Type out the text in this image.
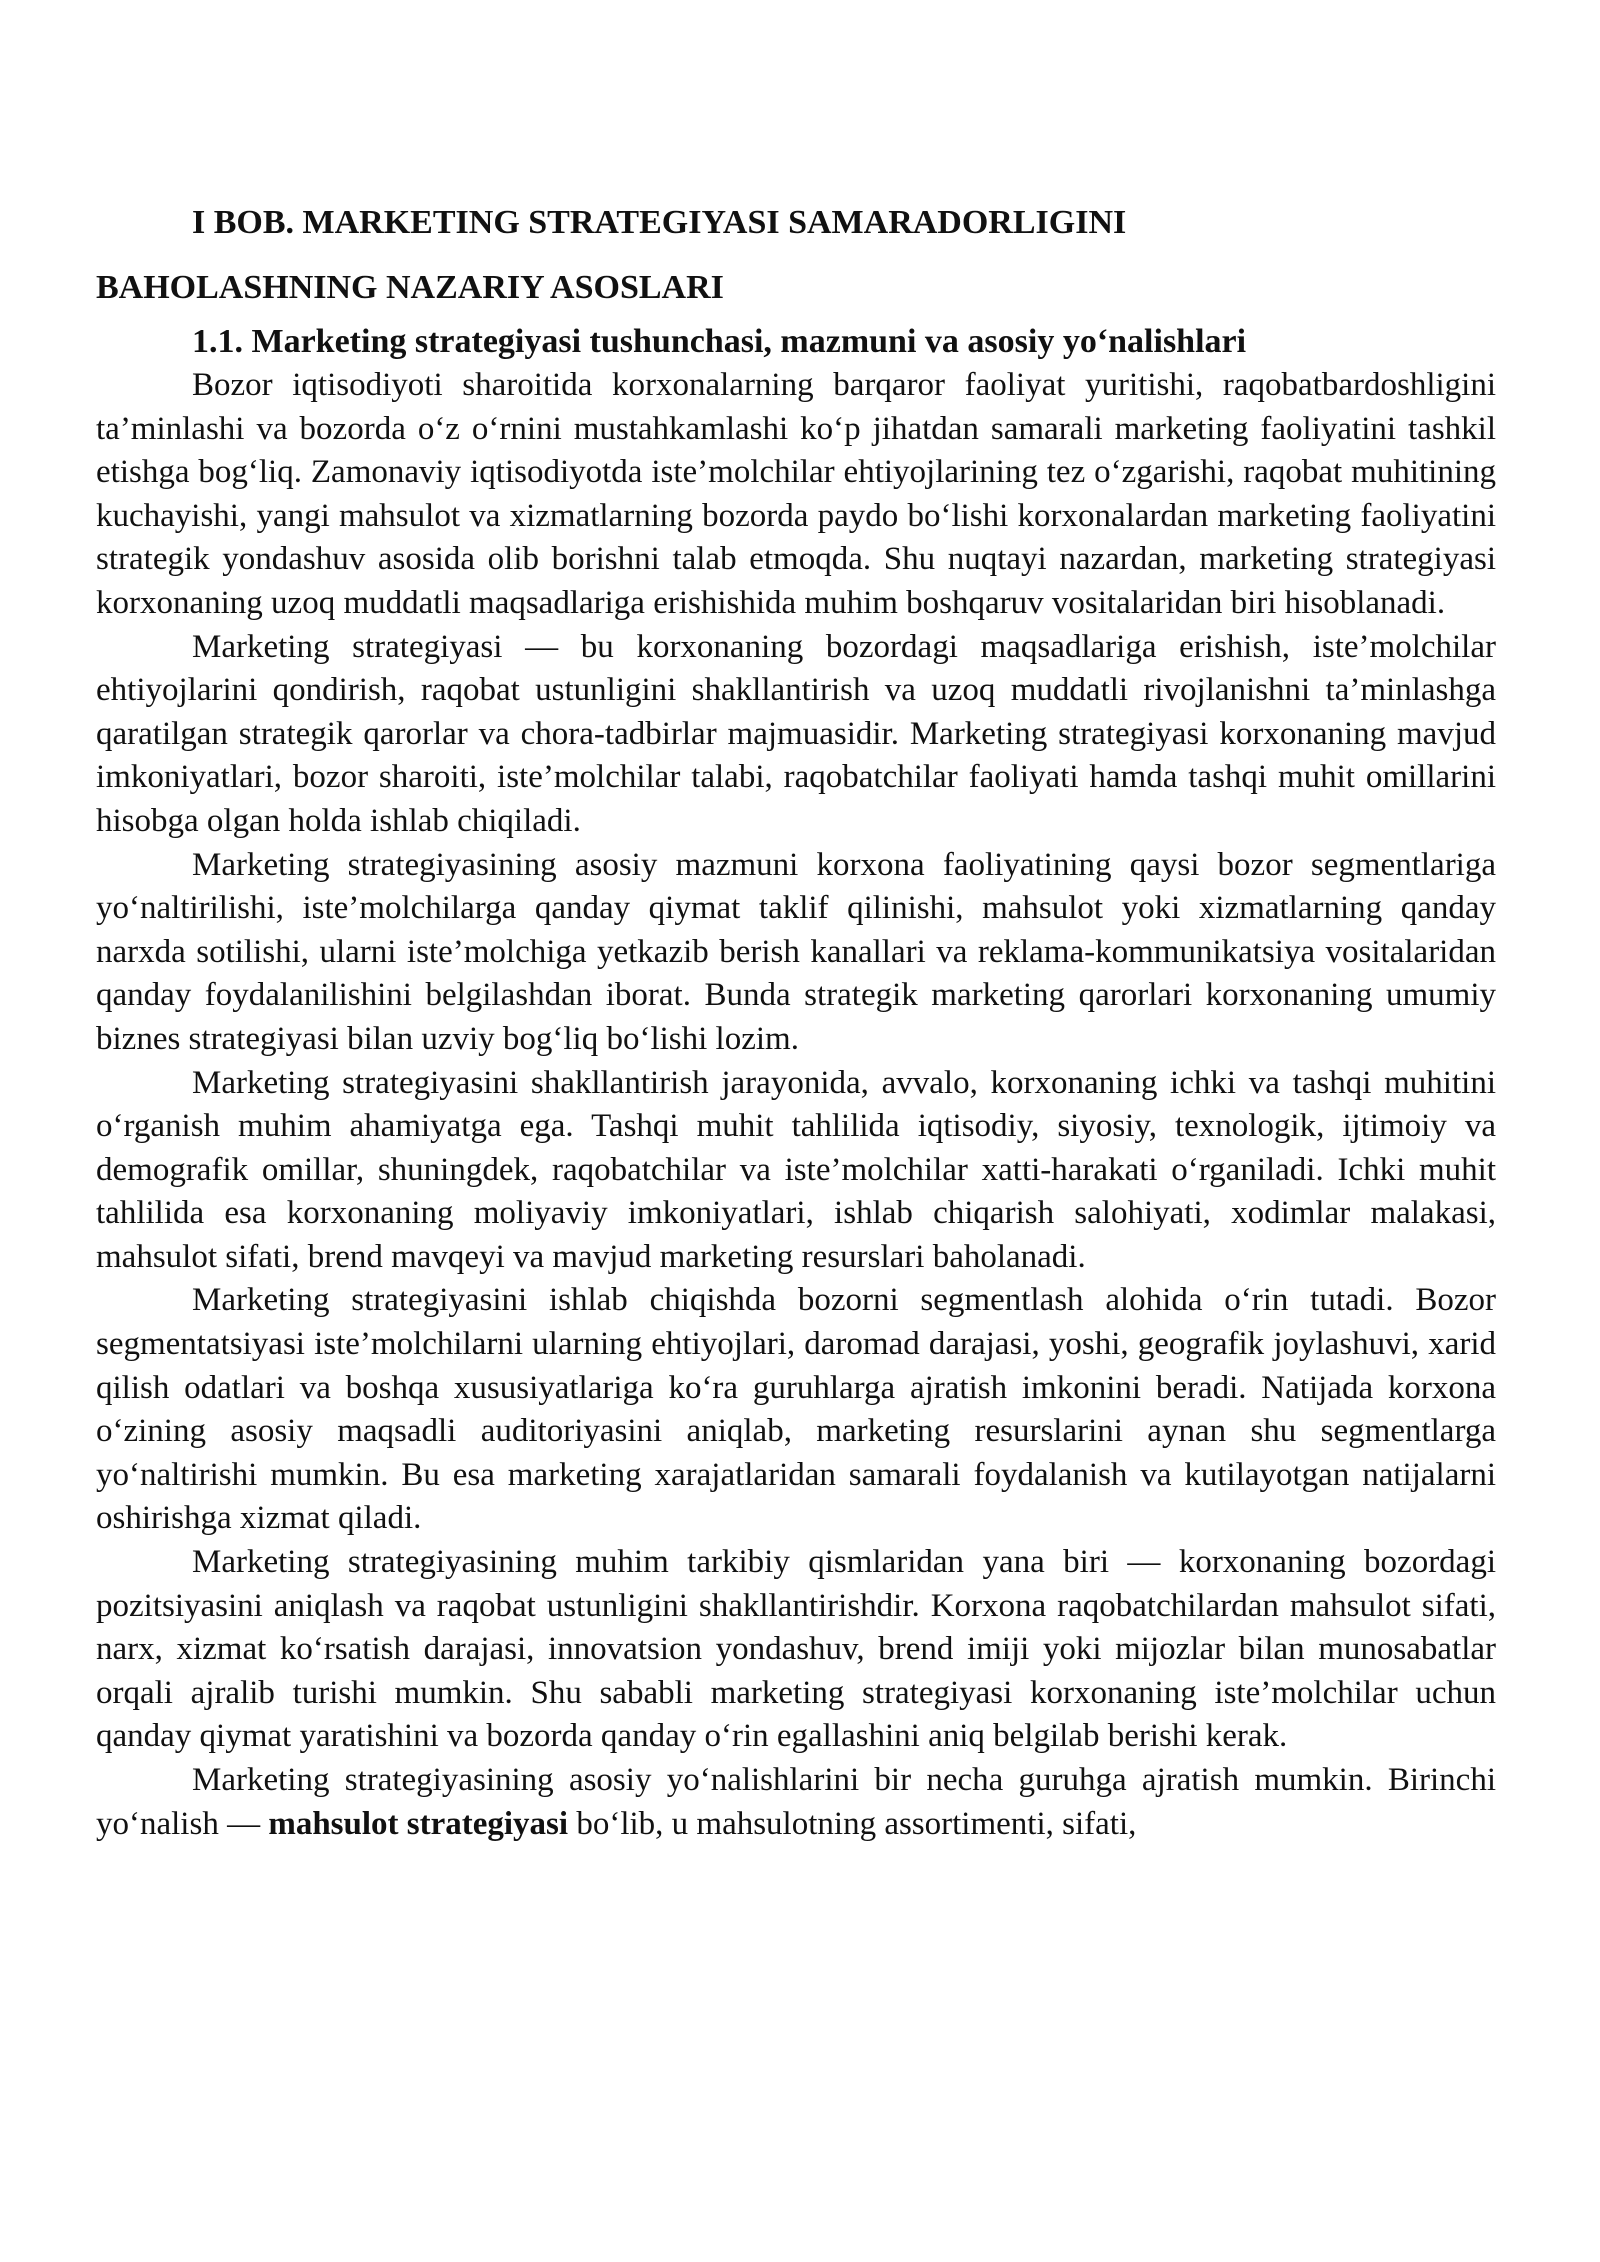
I BOB. MARKETING STRATEGIYASI SAMARADORLIGINI
BAHOLASHNING NAZARIY ASOSLARI
1.1. Marketing strategiyasi tushunchasi, mazmuni va asosiy yo‘nalishlari

Bozor iqtisodiyoti sharoitida korxonalarning barqaror faoliyat yuritishi, raqobatbardoshligini ta’minlashi va bozorda o‘z o‘rnini mustahkamlashi ko‘p jihatdan samarali marketing faoliyatini tashkil etishga bog‘liq. Zamonaviy iqtisodiyotda iste’molchilar ehtiyojlarining tez o‘zgarishi, raqobat muhitining kuchayishi, yangi mahsulot va xizmatlarning bozorda paydo bo‘lishi korxonalardan marketing faoliyatini strategik yondashuv asosida olib borishni talab etmoqda. Shu nuqtayi nazardan, marketing strategiyasi korxonaning uzoq muddatli maqsadlariga erishishida muhim boshqaruv vositalaridan biri hisoblanadi.

Marketing strategiyasi — bu korxonaning bozordagi maqsadlariga erishish, iste’molchilar ehtiyojlarini qondirish, raqobat ustunligini shakllantirish va uzoq muddatli rivojlanishni ta’minlashga qaratilgan strategik qarorlar va chora-tadbirlar majmuasidir. Marketing strategiyasi korxonaning mavjud imkoniyatlari, bozor sharoiti, iste’molchilar talabi, raqobatchilar faoliyati hamda tashqi muhit omillarini hisobga olgan holda ishlab chiqiladi.

Marketing strategiyasining asosiy mazmuni korxona faoliyatining qaysi bozor segmentlariga yo‘naltirilishi, iste’molchilarga qanday qiymat taklif qilinishi, mahsulot yoki xizmatlarning qanday narxda sotilishi, ularni iste’molchiga yetkazib berish kanallari va reklama-kommunikatsiya vositalaridan qanday foydalanilishini belgilashdan iborat. Bunda strategik marketing qarorlari korxonaning umumiy biznes strategiyasi bilan uzviy bog‘liq bo‘lishi lozim.

Marketing strategiyasini shakllantirish jarayonida, avvalo, korxonaning ichki va tashqi muhitini o‘rganish muhim ahamiyatga ega. Tashqi muhit tahlilida iqtisodiy, siyosiy, texnologik, ijtimoiy va demografik omillar, shuningdek, raqobatchilar va iste’molchilar xatti-harakati o‘rganiladi. Ichki muhit tahlilida esa korxonaning moliyaviy imkoniyatlari, ishlab chiqarish salohiyati, xodimlar malakasi, mahsulot sifati, brend mavqeyi va mavjud marketing resurslari baholanadi.

Marketing strategiyasini ishlab chiqishda bozorni segmentlash alohida o‘rin tutadi. Bozor segmentatsiyasi iste’molchilarni ularning ehtiyojlari, daromad darajasi, yoshi, geografik joylashuvi, xarid qilish odatlari va boshqa xususiyatlariga ko‘ra guruhlarga ajratish imkonini beradi. Natijada korxona o‘zining asosiy maqsadli auditoriyasini aniqlab, marketing resurslarini aynan shu segmentlarga yo‘naltirishi mumkin. Bu esa marketing xarajatlaridan samarali foydalanish va kutilayotgan natijalarni oshirishga xizmat qiladi.

Marketing strategiyasining muhim tarkibiy qismlaridan yana biri — korxonaning bozordagi pozitsiyasini aniqlash va raqobat ustunligini shakllantirishdir. Korxona raqobatchilardan mahsulot sifati, narx, xizmat ko‘rsatish darajasi, innovatsion yondashuv, brend imiji yoki mijozlar bilan munosabatlar orqali ajralib turishi mumkin. Shu sababli marketing strategiyasi korxonaning iste’molchilar uchun qanday qiymat yaratishini va bozorda qanday o‘rin egallashini aniq belgilab berishi kerak.

Marketing strategiyasining asosiy yo‘nalishlarini bir necha guruhga ajratish mumkin. Birinchi yo‘nalish — mahsulot strategiyasi bo‘lib, u mahsulotning assortimenti, sifati,
